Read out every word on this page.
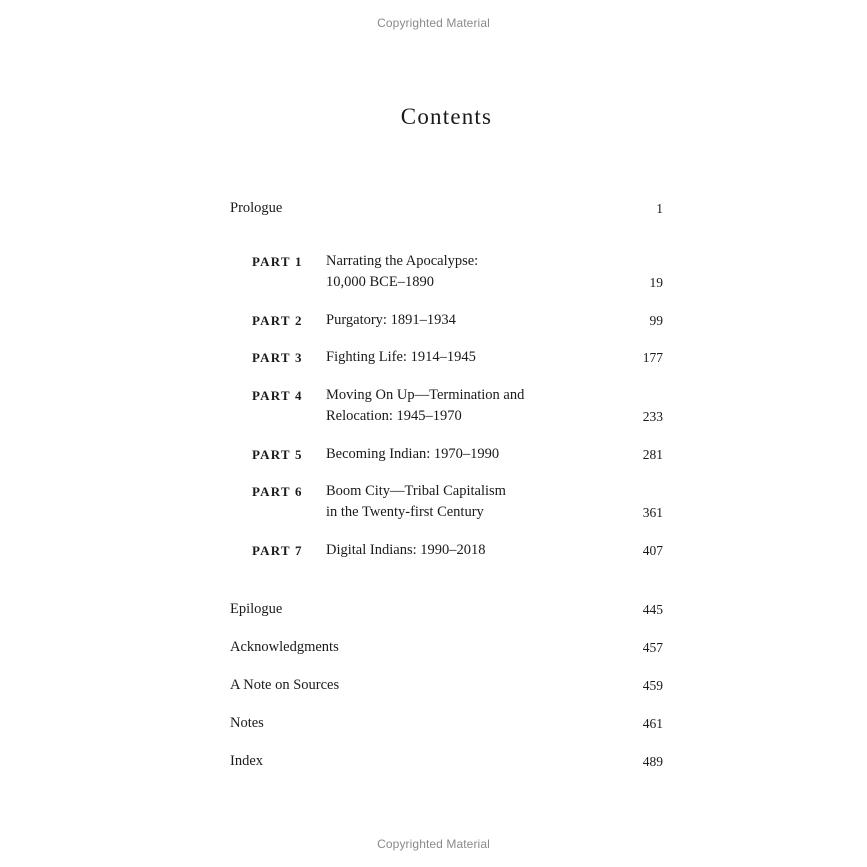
Copyrighted Material
Contents
Prologue	1
PART 1 Narrating the Apocalypse:
10,000 BCE–1890	19
PART 2 Purgatory: 1891–1934	99
PART 3 Fighting Life: 1914–1945	177
PART 4 Moving On Up—Termination and
Relocation: 1945–1970	233
PART 5 Becoming Indian: 1970–1990	281
PART 6 Boom City—Tribal Capitalism
in the Twenty-first Century	361
PART 7 Digital Indians: 1990–2018	407
Epilogue	445
Acknowledgments	457
A Note on Sources	459
Notes	461
Index	489
Copyrighted Material
